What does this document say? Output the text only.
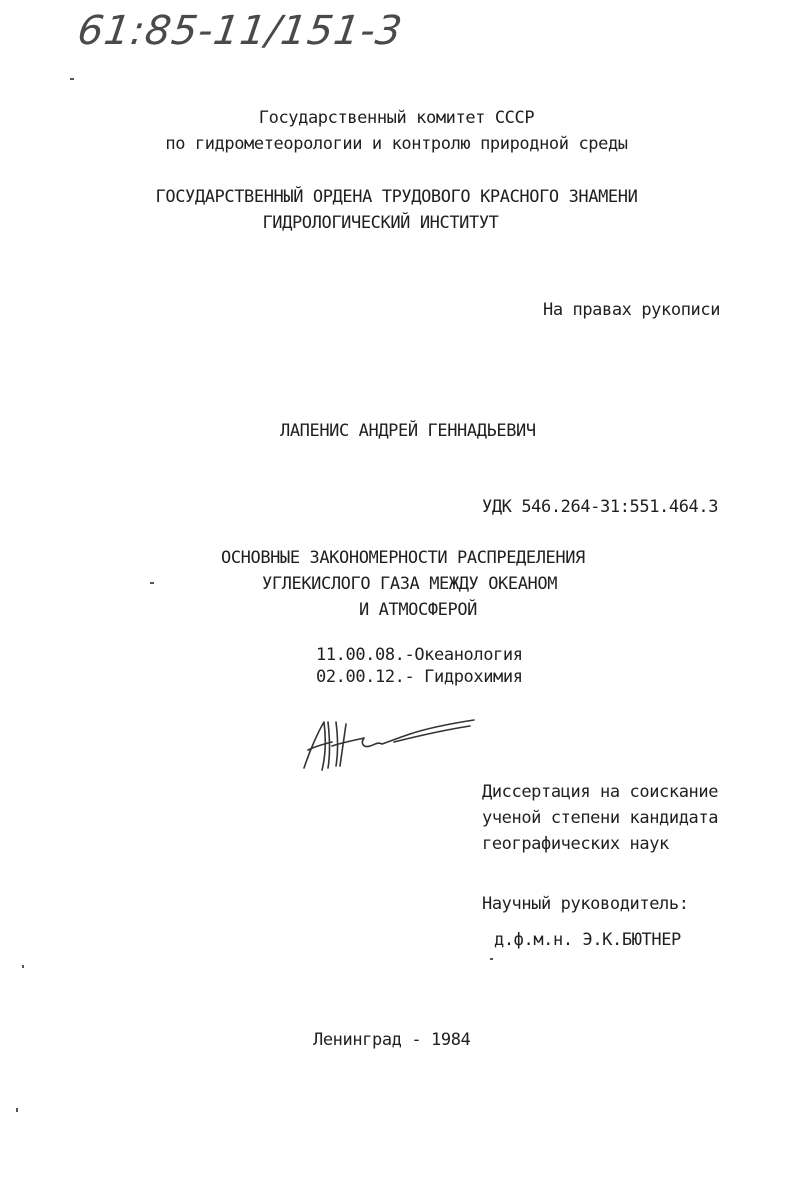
61:85-11/151-3
Государственный комитет СССР
по гидрометеорологии и контролю природной среды
ГОСУДАРСТВЕННЫЙ ОРДЕНА ТРУДОВОГО КРАСНОГО ЗНАМЕНИ
ГИДРОЛОГИЧЕСКИЙ ИНСТИТУТ
На правах рукописи
ЛАПЕНИС АНДРЕЙ ГЕННАДЬЕВИЧ
УДК 546.264-31:551.464.3
ОСНОВНЫЕ ЗАКОНОМЕРНОСТИ РАСПРЕДЕЛЕНИЯ
УГЛЕКИСЛОГО ГАЗА МЕЖДУ ОКЕАНОМ
И АТМОСФЕРОЙ
11.00.08.-Океанология
02.00.12.- Гидрохимия
Диссертация на соискание
ученой степени кандидата
географических наук
Научный руководитель:
д.ф.м.н. Э.К.БЮТНЕР
Ленинград - 1984
